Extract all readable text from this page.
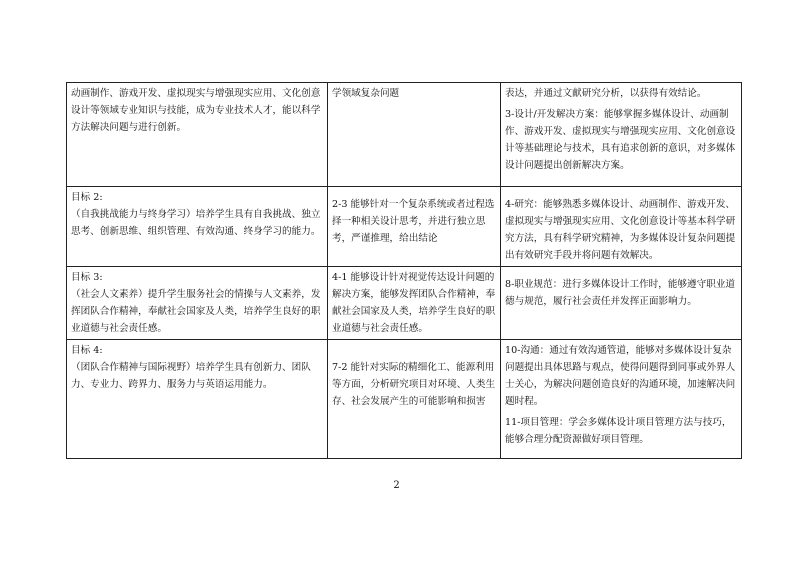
动画制作、游戏开发、虚拟现实与增强现实应用、文化创意设计等领域专业知识与技能，成为专业技术人才，能以科学方法解决问题与进行创新。	学领域复杂问题	表达，并通过文献研究分析，以获得有效结论。
3-设计/开发解决方案：能够掌握多媒体设计、动画制作、游戏开发、虚拟现实与增强现实应用、文化创意设计等基础理论与技术，具有追求创新的意识，对多媒体设计问题提出创新解决方案。

目标 2:
（自我挑战能力与终身学习）培养学生具有自我挑战、独立思考、创新思维、组织管理、有效沟通、终身学习的能力。	2-3 能够针对一个复杂系统或者过程选择一种相关设计思考，并进行独立思考，严谨推理，给出结论	4-研究：能够熟悉多媒体设计、动画制作、游戏开发、虚拟现实与增强现实应用、文化创意设计等基本科学研究方法，具有科学研究精神，为多媒体设计复杂问题提出有效研究手段并将问题有效解决。

目标 3:
（社会人文素养）提升学生服务社会的情操与人文素养，发挥团队合作精神，奉献社会国家及人类，培养学生良好的职业道德与社会责任感。	4-1 能够设计针对视觉传达设计问题的解决方案，能够发挥团队合作精神，奉献社会国家及人类，培养学生良好的职业道德与社会责任感。	8-职业规范：进行多媒体设计工作时，能够遵守职业道德与规范，履行社会责任并发挥正面影响力。

目标 4:
（团队合作精神与国际视野）培养学生具有创新力、团队力、专业力、跨界力、服务力与英语运用能力。	7-2 能针对实际的精细化工、能源利用等方面，分析研究项目对环境、人类生存、社会发展产生的可能影响和损害	10-沟通：通过有效沟通管道，能够对多媒体设计复杂问题提出具体思路与观点，使得问题得到同事或外界人士关心，为解决问题创造良好的沟通环境，加速解决问题时程。
11-项目管理：学会多媒体设计项目管理方法与技巧，能够合理分配资源做好项目管理。
2
